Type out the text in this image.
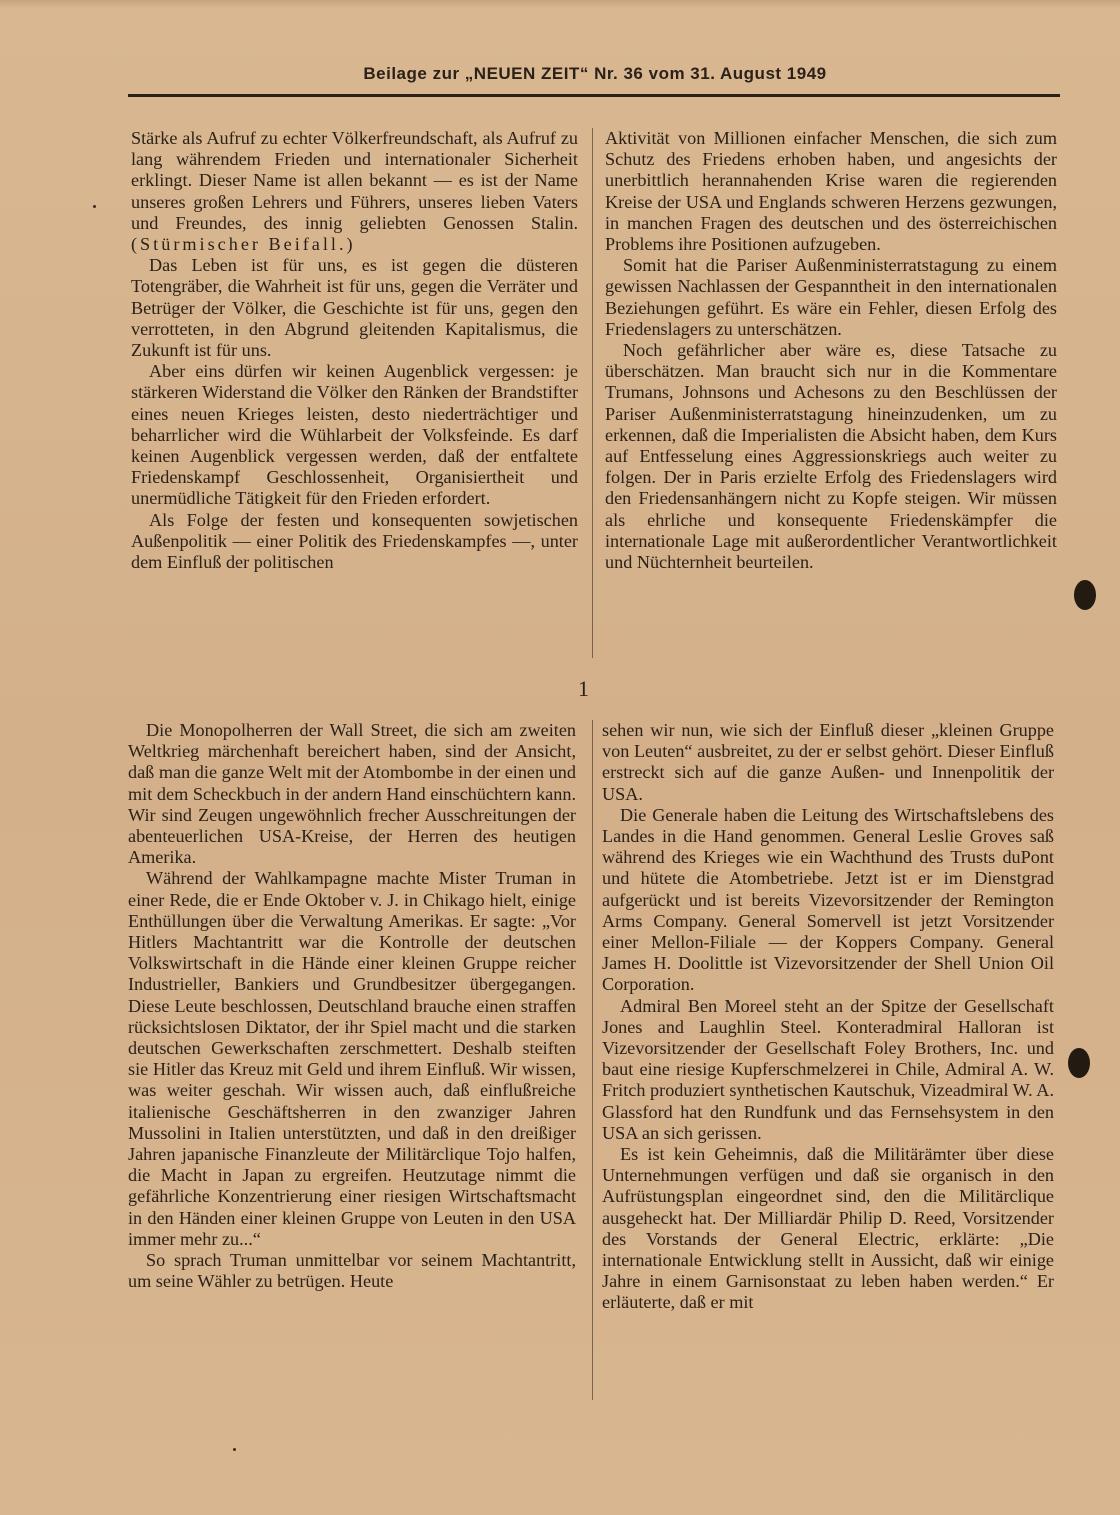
Beilage zur „NEUEN ZEIT“ Nr. 36 vom 31. August 1949

Stärke als Aufruf zu echter Völkerfreundschaft, als Aufruf zu lang währendem Frieden und internationaler Sicherheit erklingt. Dieser Name ist allen bekannt — es ist der Name unseres großen Lehrers und Führers, unseres lieben Vaters und Freundes, des innig geliebten Genossen Stalin. (Stürmischer Beifall.)

Das Leben ist für uns, es ist gegen die düsteren Totengräber, die Wahrheit ist für uns, gegen die Verräter und Betrüger der Völker, die Geschichte ist für uns, gegen den verrotteten, in den Abgrund gleitenden Kapitalismus, die Zukunft ist für uns.

Aber eins dürfen wir keinen Augenblick vergessen: je stärkeren Widerstand die Völker den Ränken der Brandstifter eines neuen Krieges leisten, desto niederträchtiger und beharrlicher wird die Wühlarbeit der Volksfeinde. Es darf keinen Augenblick vergessen werden, daß der entfaltete Friedenskampf Geschlossenheit, Organisiertheit und unermüdliche Tätigkeit für den Frieden erfordert.

Als Folge der festen und konsequenten sowjetischen Außenpolitik — einer Politik des Friedenskampfes —, unter dem Einfluß der politischen

Aktivität von Millionen einfacher Menschen, die sich zum Schutz des Friedens erhoben haben, und angesichts der unerbittlich herannahenden Krise waren die regierenden Kreise der USA und Englands schweren Herzens gezwungen, in manchen Fragen des deutschen und des österreichischen Problems ihre Positionen aufzugeben.

Somit hat die Pariser Außenministerratstagung zu einem gewissen Nachlassen der Gespanntheit in den internationalen Beziehungen geführt. Es wäre ein Fehler, diesen Erfolg des Friedenslagers zu unterschätzen.

Noch gefährlicher aber wäre es, diese Tatsache zu überschätzen. Man braucht sich nur in die Kommentare Trumans, Johnsons und Achesons zu den Beschlüssen der Pariser Außenministerratstagung hineinzudenken, um zu erkennen, daß die Imperialisten die Absicht haben, dem Kurs auf Entfesselung eines Aggressionskriegs auch weiter zu folgen. Der in Paris erzielte Erfolg des Friedenslagers wird den Friedensanhängern nicht zu Kopfe steigen. Wir müssen als ehrliche und konsequente Friedenskämpfer die internationale Lage mit außerordentlicher Verantwortlichkeit und Nüchternheit beurteilen.

1

Die Monopolherren der Wall Street, die sich am zweiten Weltkrieg märchenhaft bereichert haben, sind der Ansicht, daß man die ganze Welt mit der Atombombe in der einen und mit dem Scheckbuch in der andern Hand einschüchtern kann. Wir sind Zeugen ungewöhnlich frecher Ausschreitungen der abenteuerlichen USA-Kreise, der Herren des heutigen Amerika.

Während der Wahlkampagne machte Mister Truman in einer Rede, die er Ende Oktober v. J. in Chikago hielt, einige Enthüllungen über die Verwaltung Amerikas. Er sagte: „Vor Hitlers Machtantritt war die Kontrolle der deutschen Volkswirtschaft in die Hände einer kleinen Gruppe reicher Industrieller, Bankiers und Grundbesitzer übergegangen. Diese Leute beschlossen, Deutschland brauche einen straffen rücksichtslosen Diktator, der ihr Spiel macht und die starken deutschen Gewerkschaften zerschmettert. Deshalb steiften sie Hitler das Kreuz mit Geld und ihrem Einfluß. Wir wissen, was weiter geschah. Wir wissen auch, daß einflußreiche italienische Geschäftsherren in den zwanziger Jahren Mussolini in Italien unterstützten, und daß in den dreißiger Jahren japanische Finanzleute der Militärclique Tojo halfen, die Macht in Japan zu ergreifen. Heutzutage nimmt die gefährliche Konzentrierung einer riesigen Wirtschaftsmacht in den Händen einer kleinen Gruppe von Leuten in den USA immer mehr zu...“

So sprach Truman unmittelbar vor seinem Machtantritt, um seine Wähler zu betrügen. Heute

sehen wir nun, wie sich der Einfluß dieser „kleinen Gruppe von Leuten“ ausbreitet, zu der er selbst gehört. Dieser Einfluß erstreckt sich auf die ganze Außen- und Innenpolitik der USA.

Die Generale haben die Leitung des Wirtschaftslebens des Landes in die Hand genommen. General Leslie Groves saß während des Krieges wie ein Wachthund des Trusts duPont und hütete die Atombetriebe. Jetzt ist er im Dienstgrad aufgerückt und ist bereits Vizevorsitzender der Remington Arms Company. General Somervell ist jetzt Vorsitzender einer Mellon-Filiale — der Koppers Company. General James H. Doolittle ist Vizevorsitzender der Shell Union Oil Corporation.

Admiral Ben Moreel steht an der Spitze der Gesellschaft Jones and Laughlin Steel. Konteradmiral Halloran ist Vizevorsitzender der Gesellschaft Foley Brothers, Inc. und baut eine riesige Kupferschmelzerei in Chile, Admiral A. W. Fritch produziert synthetischen Kautschuk, Vizeadmiral W. A. Glassford hat den Rundfunk und das Fernsehsystem in den USA an sich gerissen.

Es ist kein Geheimnis, daß die Militärämter über diese Unternehmungen verfügen und daß sie organisch in den Aufrüstungsplan eingeordnet sind, den die Militärclique ausgeheckt hat. Der Milliardär Philip D. Reed, Vorsitzender des Vorstands der General Electric, erklärte: „Die internationale Entwicklung stellt in Aussicht, daß wir einige Jahre in einem Garnisonstaat zu leben haben werden.“ Er erläuterte, daß er mit
